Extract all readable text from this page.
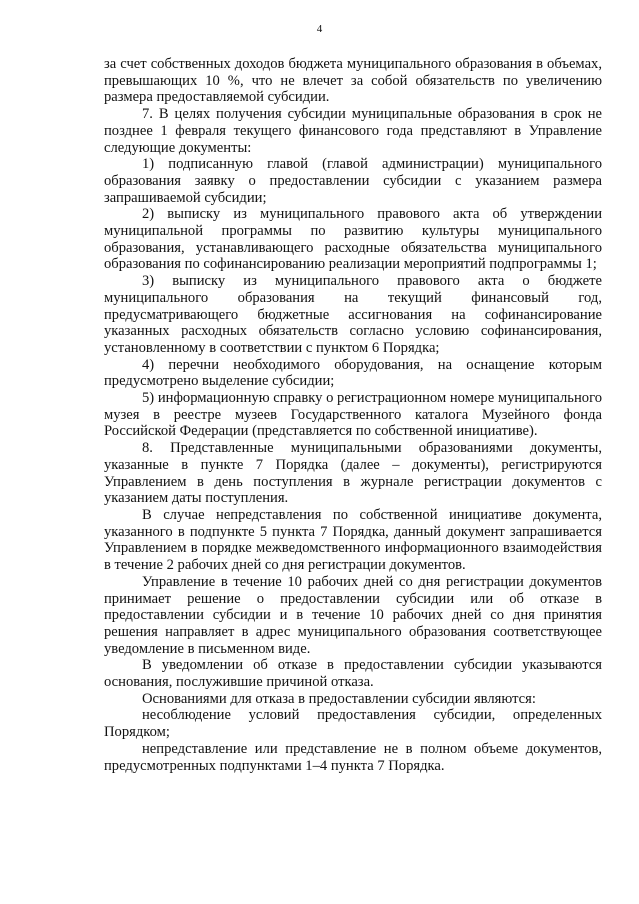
4

за счет собственных доходов бюджета муниципального образования в объемах, превышающих 10 %, что не влечет за собой обязательств по увеличению размера предоставляемой субсидии.

7. В целях получения субсидии муниципальные образования в срок не позднее 1 февраля текущего финансового года представляют в Управление следующие документы:

1) подписанную главой (главой администрации) муниципального образования заявку о предоставлении субсидии с указанием размера запрашиваемой субсидии;

2) выписку из муниципального правового акта об утверждении муниципальной программы по развитию культуры муниципального образования, устанавливающего расходные обязательства муниципального образования по софинансированию реализации мероприятий подпрограммы 1;

3) выписку из муниципального правового акта о бюджете муниципального образования на текущий финансовый год, предусматривающего бюджетные ассигнования на софинансирование указанных расходных обязательств согласно условию софинансирования, установленному в соответствии с пунктом 6 Порядка;

4) перечни необходимого оборудования, на оснащение которым предусмотрено выделение субсидии;

5) информационную справку о регистрационном номере муниципального музея в реестре музеев Государственного каталога Музейного фонда Российской Федерации (представляется по собственной инициативе).

8. Представленные муниципальными образованиями документы, указанные в пункте 7 Порядка (далее – документы), регистрируются Управлением в день поступления в журнале регистрации документов с указанием даты поступления.

В случае непредставления по собственной инициативе документа, указанного в подпункте 5 пункта 7 Порядка, данный документ запрашивается Управлением в порядке межведомственного информационного взаимодействия в течение 2 рабочих дней со дня регистрации документов.

Управление в течение 10 рабочих дней со дня регистрации документов принимает решение о предоставлении субсидии или об отказе в предоставлении субсидии и в течение 10 рабочих дней со дня принятия решения направляет в адрес муниципального образования соответствующее уведомление в письменном виде.

В уведомлении об отказе в предоставлении субсидии указываются основания, послужившие причиной отказа.

Основаниями для отказа в предоставлении субсидии являются:

несоблюдение условий предоставления субсидии, определенных Порядком;

непредставление или представление не в полном объеме документов, предусмотренных подпунктами 1–4 пункта 7 Порядка.
